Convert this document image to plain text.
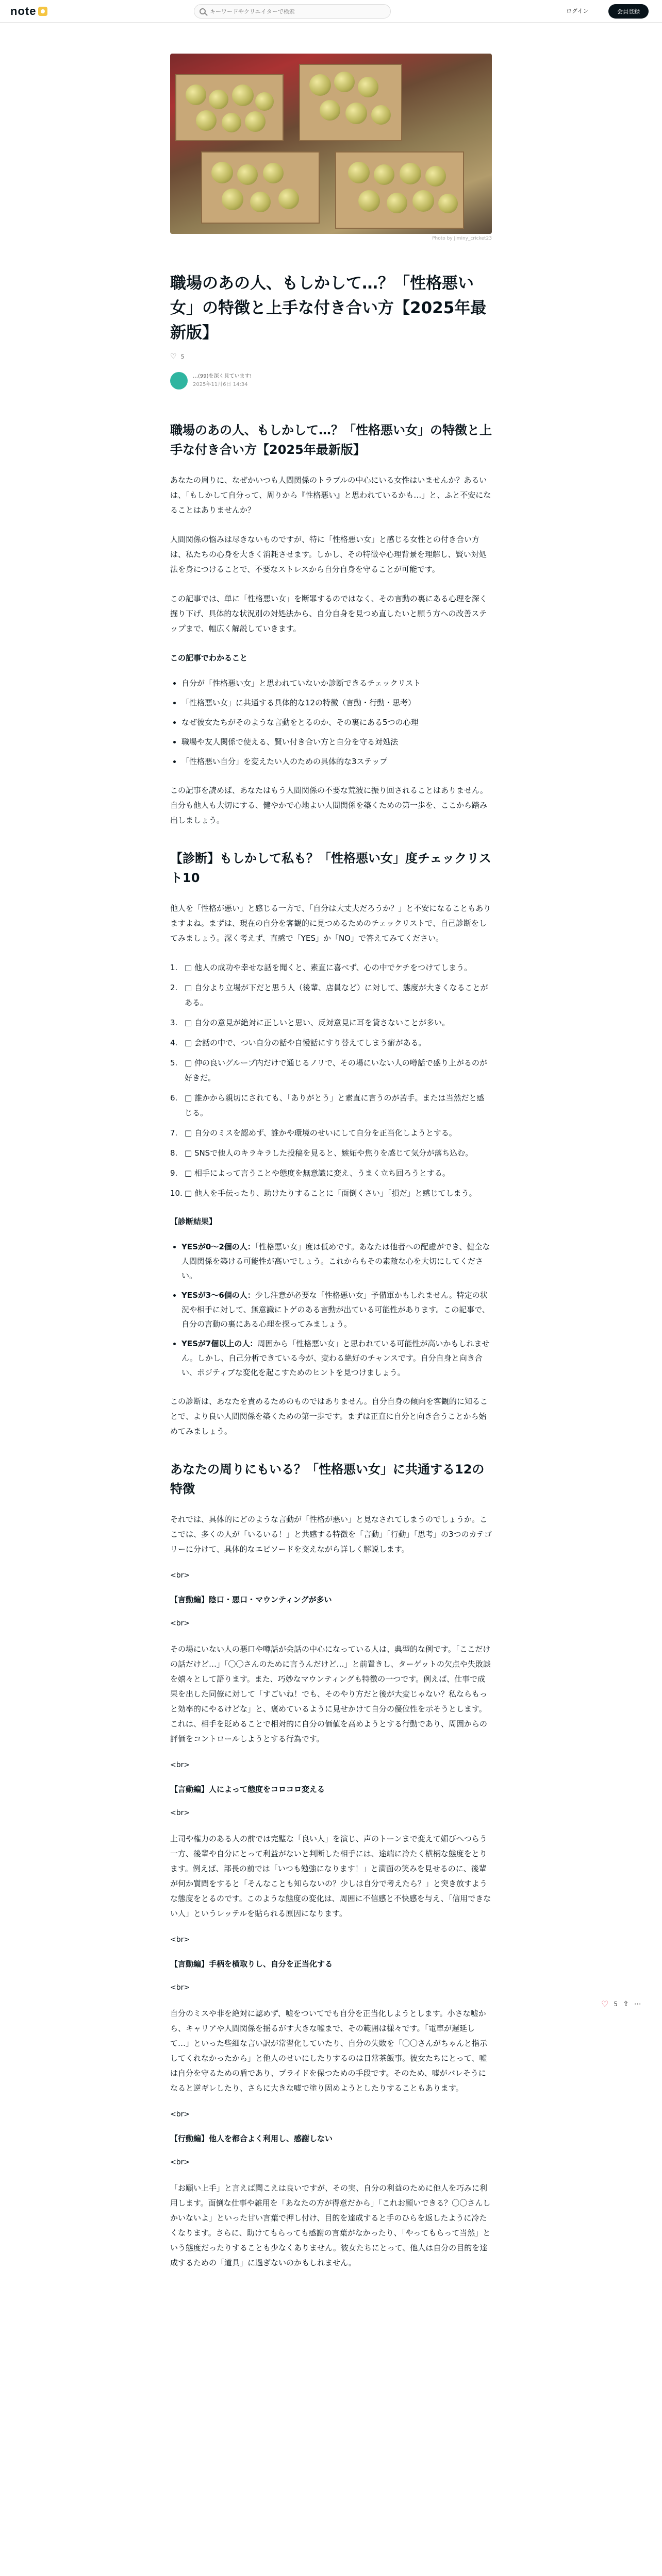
note
キーワードやクリエイターで検索	ログイン	会員登録
Photo by Jiminy_cricket23
職場のあの人、もしかして…？「性格悪い女」の特徴と上手な付き合い方【2025年最新版】
♡ 5
…(99)を深く見ています!
2025年11月6日 14:34
職場のあの人、もしかして…？「性格悪い女」の特徴と上手な付き合い方【2025年最新版】

あなたの周りに、なぜかいつも人間関係のトラブルの中心にいる女性はいませんか？あるいは、「もしかして自分って、周りから『性格悪い』と思われているかも…」と、ふと不安になることはありませんか？

人間関係の悩みは尽きないものですが、特に「性格悪い女」と感じる女性との付き合い方は、私たちの心身を大きく消耗させます。しかし、その特徴や心理背景を理解し、賢い対処法を身につけることで、不要なストレスから自分自身を守ることが可能です。

この記事では、単に「性格悪い女」を断罪するのではなく、その言動の裏にある心理を深く掘り下げ、具体的な状況別の対処法から、自分自身を見つめ直したいと願う方への改善ステップまで、幅広く解説していきます。

この記事でわかること

• 自分が「性格悪い女」と思われていないか診断できるチェックリスト
• 「性格悪い女」に共通する具体的な12の特徴（言動・行動・思考）
• なぜ彼女たちがそのような言動をとるのか、その裏にある5つの心理
• 職場や友人関係で使える、賢い付き合い方と自分を守る対処法
• 「性格悪い自分」を変えたい人のための具体的な3ステップ

この記事を読めば、あなたはもう人間関係の不要な荒波に振り回されることはありません。自分も他人も大切にする、健やかで心地よい人間関係を築くための第一歩を、ここから踏み出しましょう。

【診断】もしかして私も？「性格悪い女」度チェックリスト10

他人を「性格が悪い」と感じる一方で、「自分は大丈夫だろうか？」と不安になることもありますよね。まずは、現在の自分を客観的に見つめるためのチェックリストで、自己診断をしてみましょう。深く考えず、直感で「YES」か「NO」で答えてみてください。

1. □ 他人の成功や幸せな話を聞くと、素直に喜べず、心の中でケチをつけてしまう。
2. □ 自分より立場が下だと思う人（後輩、店員など）に対して、態度が大きくなることがある。
3. □ 自分の意見が絶対に正しいと思い、反対意見に耳を貸さないことが多い。
4. □ 会話の中で、つい自分の話や自慢話にすり替えてしまう癖がある。
5. □ 仲の良いグループ内だけで通じるノリで、その場にいない人の噂話で盛り上がるのが好きだ。
6. □ 誰かから親切にされても、「ありがとう」と素直に言うのが苦手。または当然だと感じる。
7. □ 自分のミスを認めず、誰かや環境のせいにして自分を正当化しようとする。
8. □ SNSで他人のキラキラした投稿を見ると、嫉妬や焦りを感じて気分が落ち込む。
9. □ 相手によって言うことや態度を無意識に変え、うまく立ち回ろうとする。
10. □ 他人を手伝ったり、助けたりすることに「面倒くさい」「損だ」と感じてしまう。

【診断結果】

• YESが0〜2個の人：「性格悪い女」度は低めです。あなたは他者への配慮ができ、健全な人間関係を築ける可能性が高いでしょう。これからもその素敵な心を大切にしてください。
• YESが3〜6個の人：少し注意が必要な「性格悪い女」予備軍かもしれません。特定の状況や相手に対して、無意識にトゲのある言動が出ている可能性があります。この記事で、自分の言動の裏にある心理を探ってみましょう。
• YESが7個以上の人：周囲から「性格悪い女」と思われている可能性が高いかもしれません。しかし、自己分析できている今が、変わる絶好のチャンスです。自分自身と向き合い、ポジティブな変化を起こすためのヒントを見つけましょう。

この診断は、あなたを責めるためのものではありません。自分自身の傾向を客観的に知ることで、より良い人間関係を築くための第一歩です。まずは正直に自分と向き合うことから始めてみましょう。

あなたの周りにもいる？「性格悪い女」に共通する12の特徴

それでは、具体的にどのような言動が「性格が悪い」と見なされてしまうのでしょうか。ここでは、多くの人が「いるいる！」と共感する特徴を「言動」「行動」「思考」の3つのカテゴリーに分けて、具体的なエピソードを交えながら詳しく解説します。

<br>
【言動編】陰口・悪口・マウンティングが多い
<br>

その場にいない人の悪口や噂話が会話の中心になっている人は、典型的な例です。「ここだけの話だけど…」「〇〇さんのために言うんだけど…」と前置きし、ターゲットの欠点や失敗談を嬉々として語ります。また、巧妙なマウンティングも特徴の一つです。例えば、仕事で成果を出した同僚に対して「すごいね！でも、そのやり方だと後が大変じゃない？私ならもっと効率的にやるけどな」と、褒めているように見せかけて自分の優位性を示そうとします。これは、相手を貶めることで相対的に自分の価値を高めようとする行動であり、周囲からの評価をコントロールしようとする行為です。

<br>
【言動編】人によって態度をコロコロ変える
<br>

上司や権力のある人の前では完璧な「良い人」を演じ、声のトーンまで変えて媚びへつらう一方、後輩や自分にとって利益がないと判断した相手には、途端に冷たく横柄な態度をとります。例えば、部長の前では「いつも勉強になります！」と満面の笑みを見せるのに、後輩が何か質問をすると「そんなことも知らないの？少しは自分で考えたら？」と突き放すような態度をとるのです。このような態度の変化は、周囲に不信感と不快感を与え、「信用できない人」というレッテルを貼られる原因になります。

<br>
【言動編】手柄を横取りし、自分を正当化する
<br>

自分のミスや非を絶対に認めず、嘘をついてでも自分を正当化しようとします。小さな嘘から、キャリアや人間関係を揺るがす大きな嘘まで、その範囲は様々です。「電車が遅延して…」といった些細な言い訳が常習化していたり、自分の失敗を「〇〇さんがちゃんと指示してくれなかったから」と他人のせいにしたりするのは日常茶飯事。彼女たちにとって、嘘は自分を守るための盾であり、プライドを保つための手段です。そのため、嘘がバレそうになると逆ギレしたり、さらに大きな嘘で塗り固めようとしたりすることもあります。

<br>
【行動編】他人を都合よく利用し、感謝しない
<br>

「お願い上手」と言えば聞こえは良いですが、その実、自分の利益のために他人を巧みに利用します。面倒な仕事や雑用を「あなたの方が得意だから」「これお願いできる？〇〇さんしかいないよ」といった甘い言葉で押し付け、目的を達成すると手のひらを返したように冷たくなります。さらに、助けてもらっても感謝の言葉がなかったり、「やってもらって当然」という態度だったりすることも少なくありません。彼女たちにとって、他人は自分の目的を達成するための「道具」に過ぎないのかもしれません。

♡ 5 ⇪ ⋯
